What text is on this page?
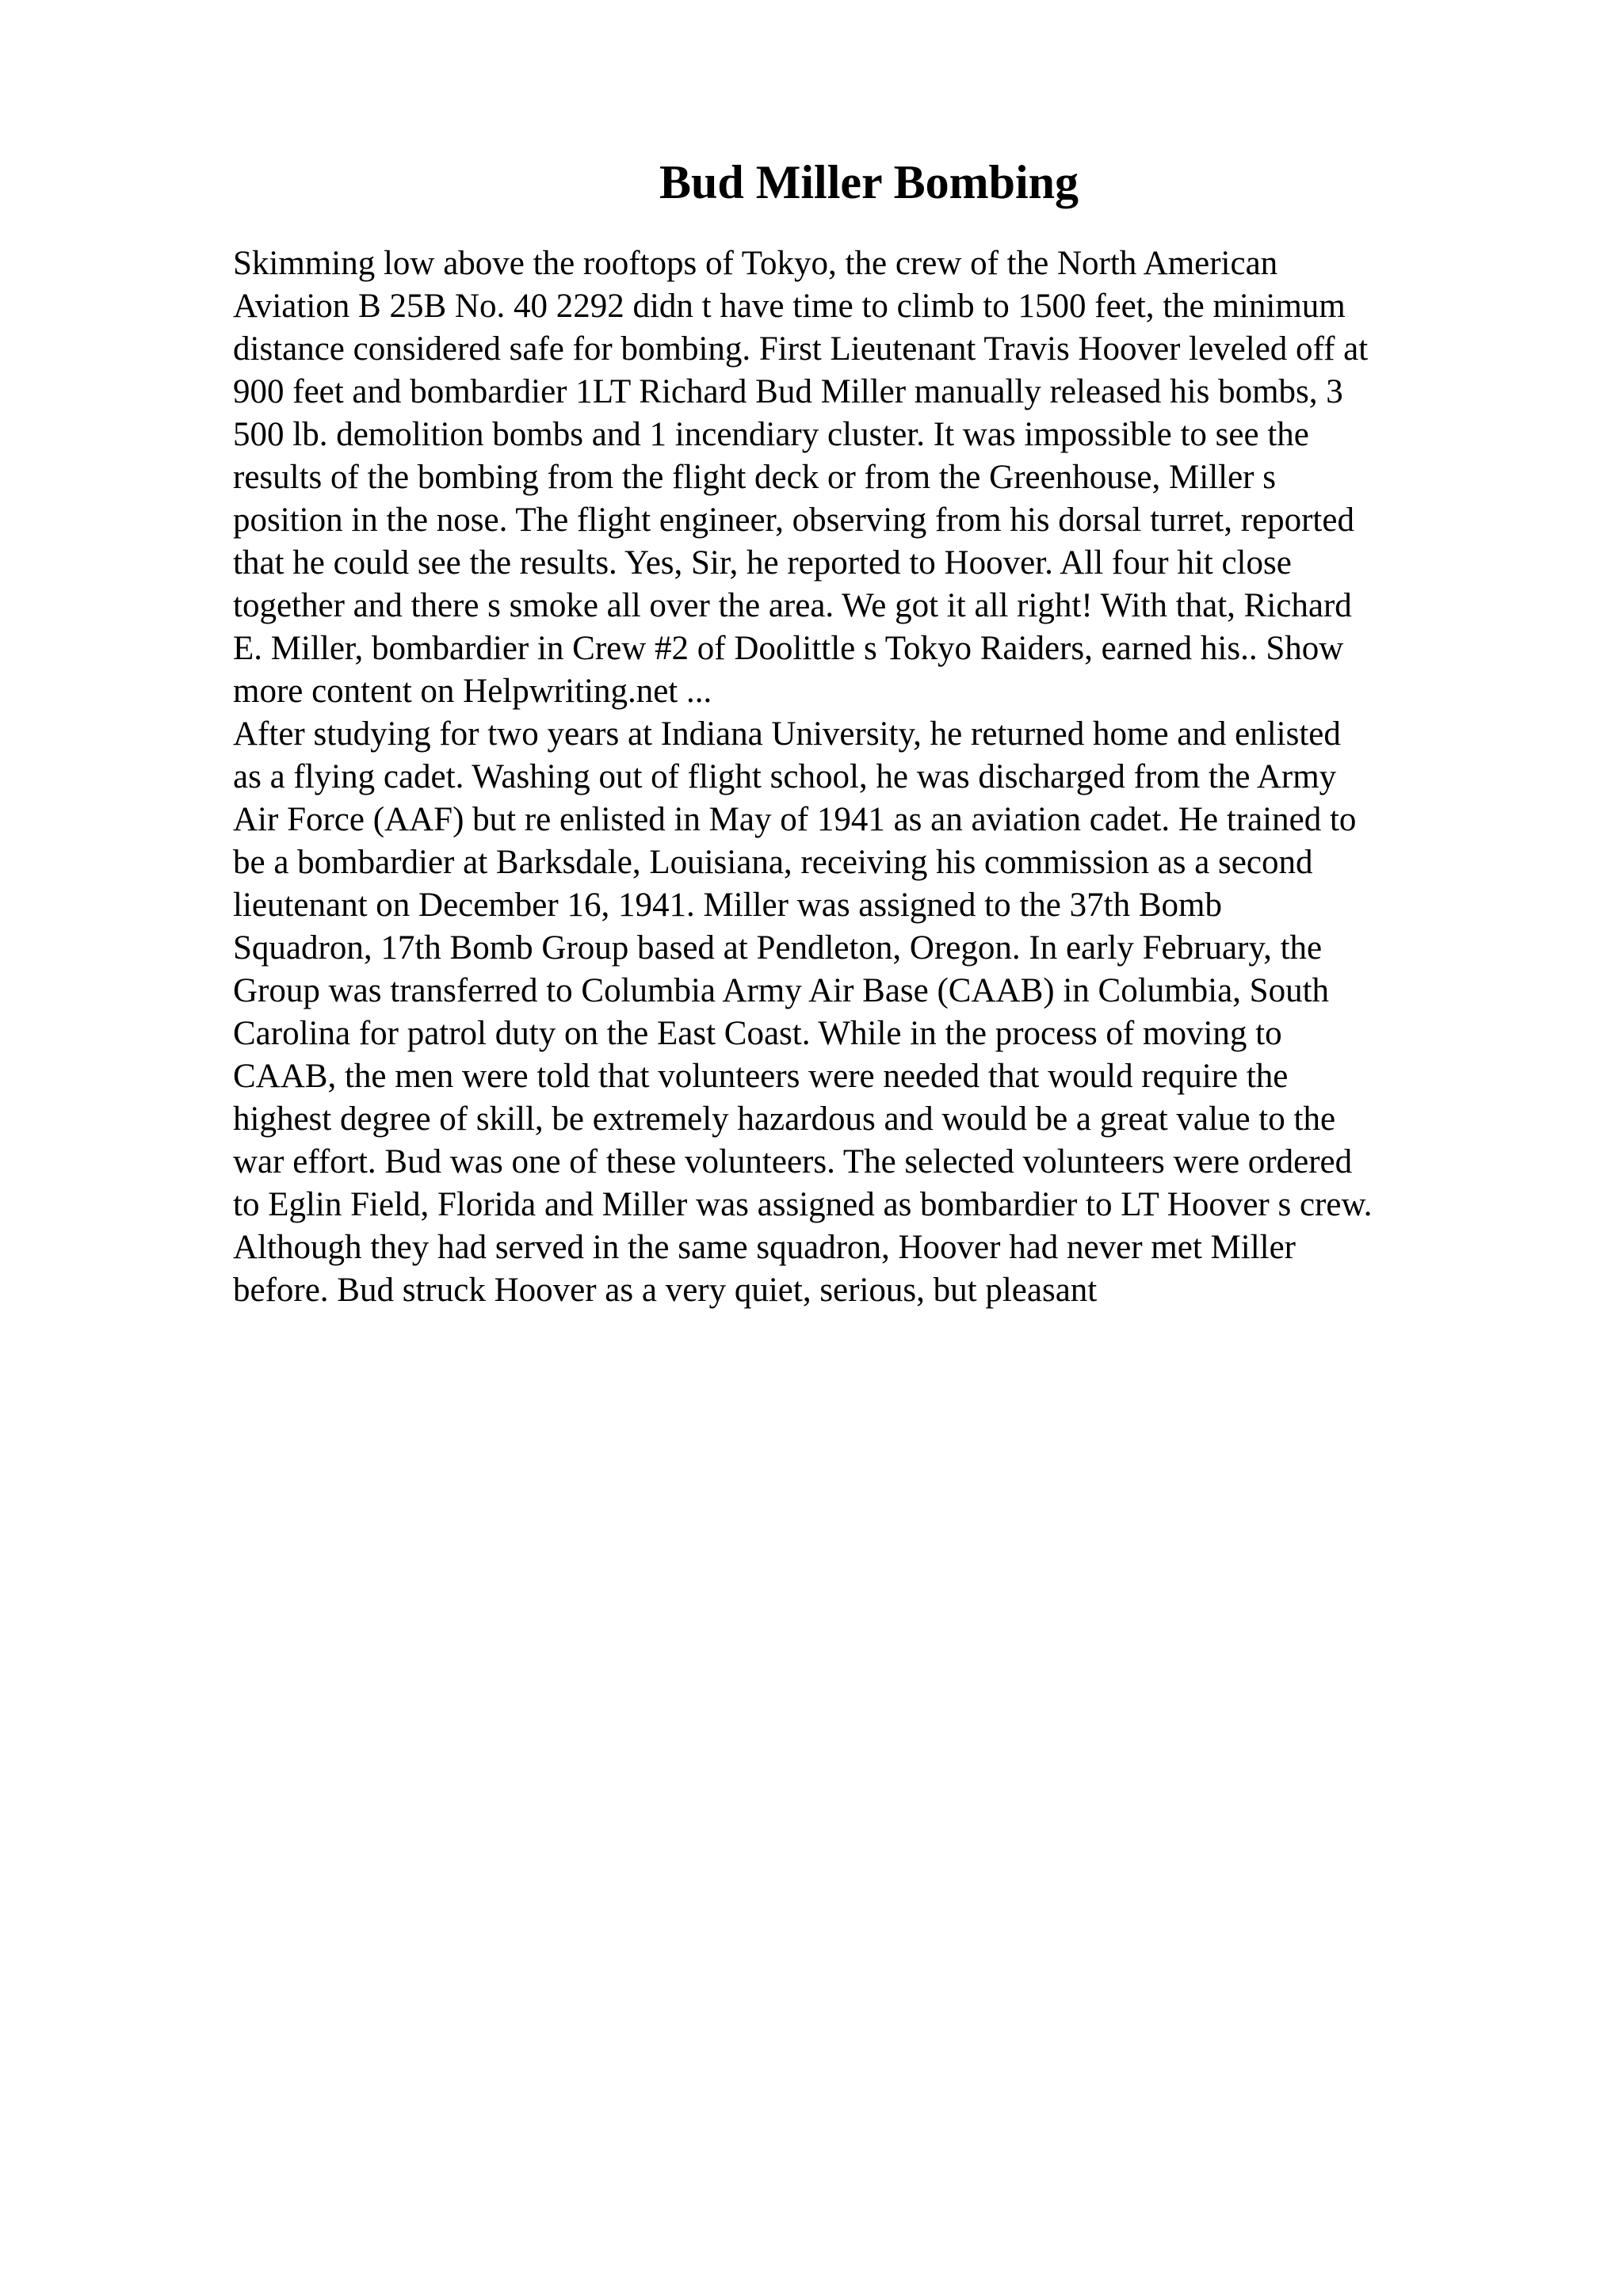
Bud Miller Bombing
Skimming low above the rooftops of Tokyo, the crew of the North American
Aviation B 25B No. 40 2292 didn t have time to climb to 1500 feet, the minimum
distance considered safe for bombing. First Lieutenant Travis Hoover leveled off at
900 feet and bombardier 1LT Richard Bud Miller manually released his bombs, 3
500 lb. demolition bombs and 1 incendiary cluster. It was impossible to see the
results of the bombing from the flight deck or from the Greenhouse, Miller s
position in the nose. The flight engineer, observing from his dorsal turret, reported
that he could see the results. Yes, Sir, he reported to Hoover. All four hit close
together and there s smoke all over the area. We got it all right! With that, Richard
E. Miller, bombardier in Crew #2 of Doolittle s Tokyo Raiders, earned his.. Show
more content on Helpwriting.net ...
After studying for two years at Indiana University, he returned home and enlisted
as a flying cadet. Washing out of flight school, he was discharged from the Army
Air Force (AAF) but re enlisted in May of 1941 as an aviation cadet. He trained to
be a bombardier at Barksdale, Louisiana, receiving his commission as a second
lieutenant on December 16, 1941. Miller was assigned to the 37th Bomb
Squadron, 17th Bomb Group based at Pendleton, Oregon. In early February, the
Group was transferred to Columbia Army Air Base (CAAB) in Columbia, South
Carolina for patrol duty on the East Coast. While in the process of moving to
CAAB, the men were told that volunteers were needed that would require the
highest degree of skill, be extremely hazardous and would be a great value to the
war effort. Bud was one of these volunteers. The selected volunteers were ordered
to Eglin Field, Florida and Miller was assigned as bombardier to LT Hoover s crew.
Although they had served in the same squadron, Hoover had never met Miller
before. Bud struck Hoover as a very quiet, serious, but pleasant
